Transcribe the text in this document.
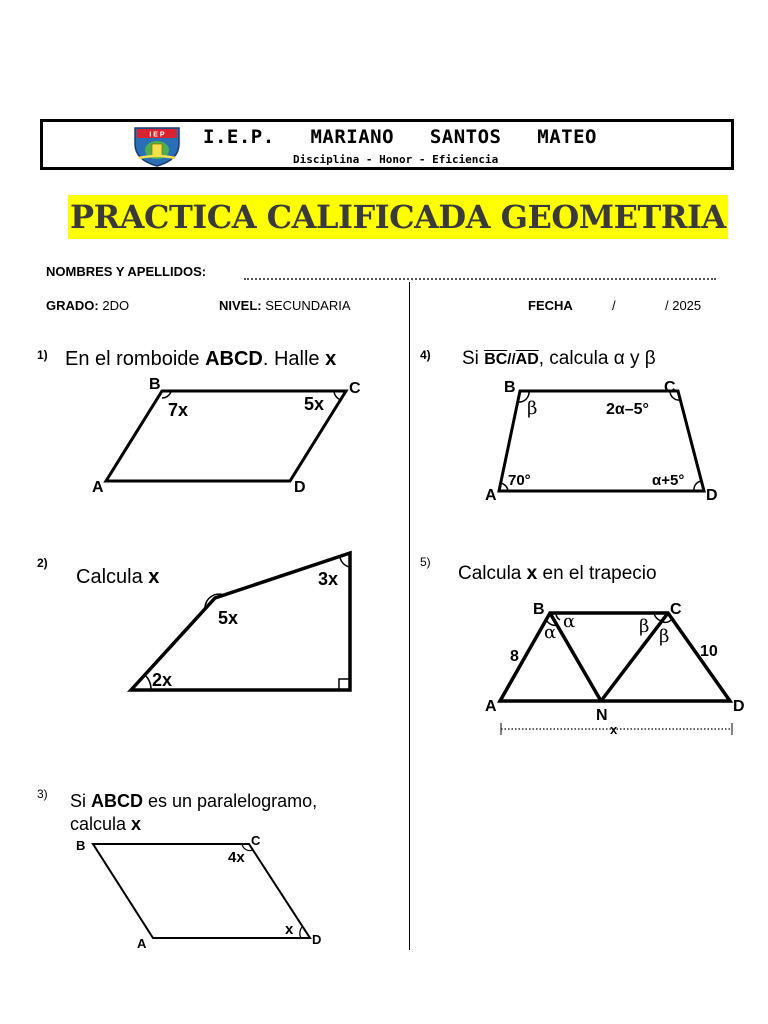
I E P I.E.P.   MARIANO   SANTOS   MATEO
Disciplina - Honor - Eficiencia
PRACTICA CALIFICADA GEOMETRIA
NOMBRES Y APELLIDOS:
GRADO: 2DO	NIVEL: SECUNDARIA	FECHA	/	/ 2025
1) En el romboide ABCD. Halle x
2)
Calcula x
3) Si ABCD es un paralelogramo,
calcula x
4) Si $\overline{BC}//\overline{AD}$, calcula α y β
5)
Calcula x en el trapecio
A
B	C
D
7x	5x
3x
5x
2x
B	C
A	D
4x
x
B	C
A	D
β	2α–5°
70°	α+5°
B	C
A	D
N
8	10
x
α
α	β β
